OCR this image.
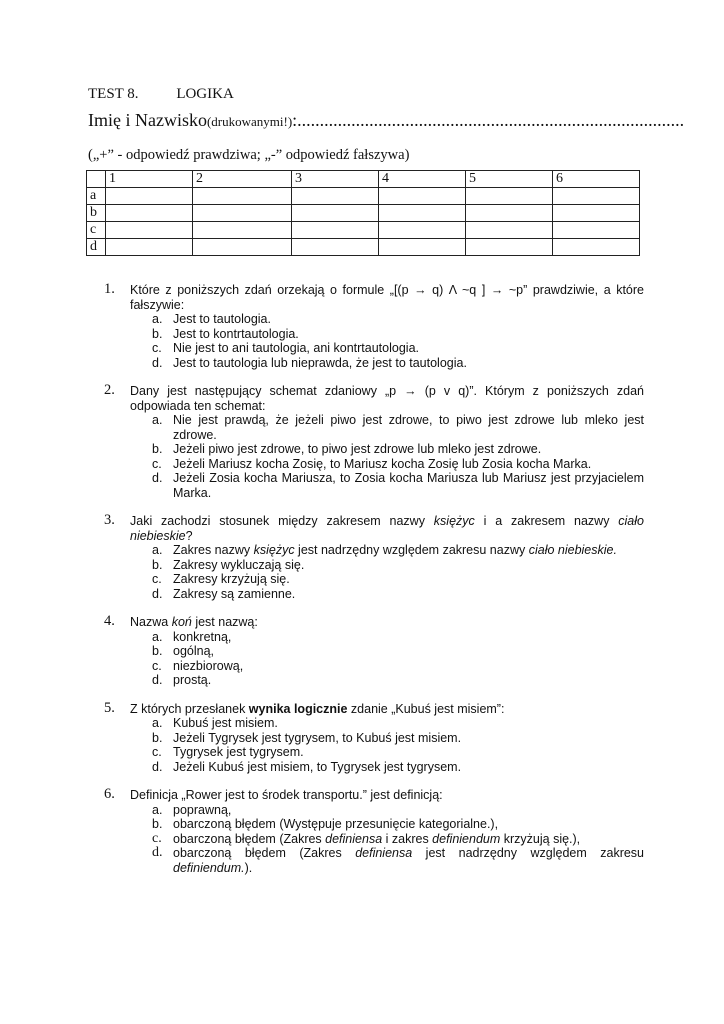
TEST 8.	LOGIKA
Imię i Nazwisko(drukowanymi!):......................................................................................
(„+” - odpowiedź prawdziwa; „-” odpowiedź fałszywa)
	1	2	3	4	5	6
a						
b						
c						
d						
1. Które z poniższych zdań orzekają o formule „[(p → q) Λ ~q ] → ~p” prawdziwie, a które fałszywie:
a. Jest to tautologia.
b. Jest to kontrtautologia.
c. Nie jest to ani tautologia, ani kontrtautologia.
d. Jest to tautologia lub nieprawda, że jest to tautologia.
2. Dany jest następujący schemat zdaniowy „p → (p v q)”. Którym z poniższych zdań odpowiada ten schemat:
a. Nie jest prawdą, że jeżeli piwo jest zdrowe, to piwo jest zdrowe lub mleko jest zdrowe.
b. Jeżeli piwo jest zdrowe, to piwo jest zdrowe lub mleko jest zdrowe.
c. Jeżeli Mariusz kocha Zosię, to Mariusz kocha Zosię lub Zosia kocha Marka.
d. Jeżeli Zosia kocha Mariusza, to Zosia kocha Mariusza lub Mariusz jest przyjacielem Marka.
3. Jaki zachodzi stosunek między zakresem nazwy księżyc i a zakresem nazwy ciało niebieskie?
a. Zakres nazwy księżyc jest nadrzędny względem zakresu nazwy ciało niebieskie.
b. Zakresy wykluczają się.
c. Zakresy krzyżują się.
d. Zakresy są zamienne.
4. Nazwa koń jest nazwą:
a. konkretną,
b. ogólną,
c. niezbiorową,
d. prostą.
5. Z których przesłanek wynika logicznie zdanie „Kubuś jest misiem”:
a. Kubuś jest misiem.
b. Jeżeli Tygrysek jest tygrysem, to Kubuś jest misiem.
c. Tygrysek jest tygrysem.
d. Jeżeli Kubuś jest misiem, to Tygrysek jest tygrysem.
6. Definicja „Rower jest to środek transportu.” jest definicją:
a. poprawną,
b. obarczoną błędem (Występuje przesunięcie kategorialne.),
c. obarczoną błędem (Zakres definiensa i zakres definiendum krzyżują się.),
d. obarczoną błędem (Zakres definiensa jest nadrzędny względem zakresu definiendum.).
